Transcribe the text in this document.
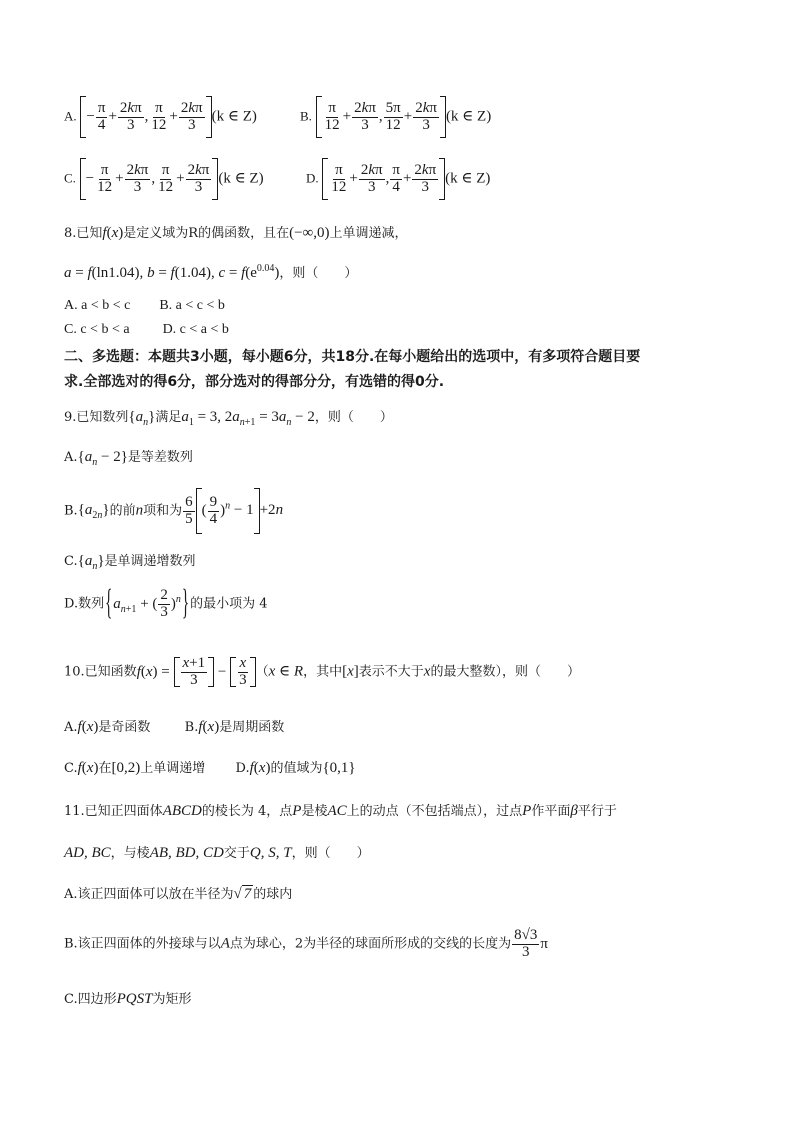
A. − $\frac{\pi}{4} + \frac{2k\pi}{3}$ , $\frac{\pi}{12} + \frac{2k\pi}{3} (k$ ∈ Z)	B. $\frac{\pi}{12} + \frac{2k\pi}{3}$ , $\frac{5\pi}{12} + \frac{2k\pi}{3} (k$ ∈ Z)
C. − $\frac{\pi}{12} + \frac{2k\pi}{3}$ , $\frac{\pi}{12} + \frac{2k\pi}{3} (k$ ∈ Z)	D. $\frac{\pi}{12} + \frac{2k\pi}{3}$ , $\frac{\pi}{4} + \frac{2k\pi}{3} (k$ ∈ Z)
8.已知f(x)是定义域为R的偶函数，且在(−∞,0)上单调递减，
a = f(ln1.04), b = f(1.04), $c = f(e^{0.04})$，则（　　）
A. a < b < c B. a < c < b
C. c < b < a D. c < a < b
二、多选题：本题共3小题，每小题6分，共18分.在每小题给出的选项中，有多项符合题目要
求.全部选对的得6分，部分选对的得部分分，有选错的得0分.
9.已知数列$\{a_n\}$满足$a_1 = 3$, $2a_{n+1} = 3a_n - 2$，则（　　）
$A.\{a_n - 2\}$是等差数列
$B.\{a_{2n}\}$的前n项和为 $\frac{6}{5}$ ( $\frac{9}{4} )^n - 1 +2n$
$C.\{a_n\}$是单调递增数列
D.数列{$a_{n+1}$ + ( $\frac{2}{3} )^n$}的最小项为 4
10.已知函数$f(x) = \frac{x+1}{3} - \frac{x}{3} (x$ ∈ R，其中[x]表示不大于x的最大整数），则（　　）
A.f(x)是奇函数	B.f(x)是周期函数
C.f(x)在[0,2)上单调递增 D.f(x)的值域为{0,1}
11.已知正四面体ABCD的棱长为 4，点P是棱AC上的动点（不包括端点），过点P作平面β平行于
AD, BC，与棱AB, BD, CD交于Q, S, T，则（　　）
A.该正四面体可以放在半径为√ 7 的球内
B.该正四面体的外接球与以A点为球心，2为半径的球面所形成的交线的长度为 $\frac{8√3}{3}$ π
C.四边形PQST为矩形
